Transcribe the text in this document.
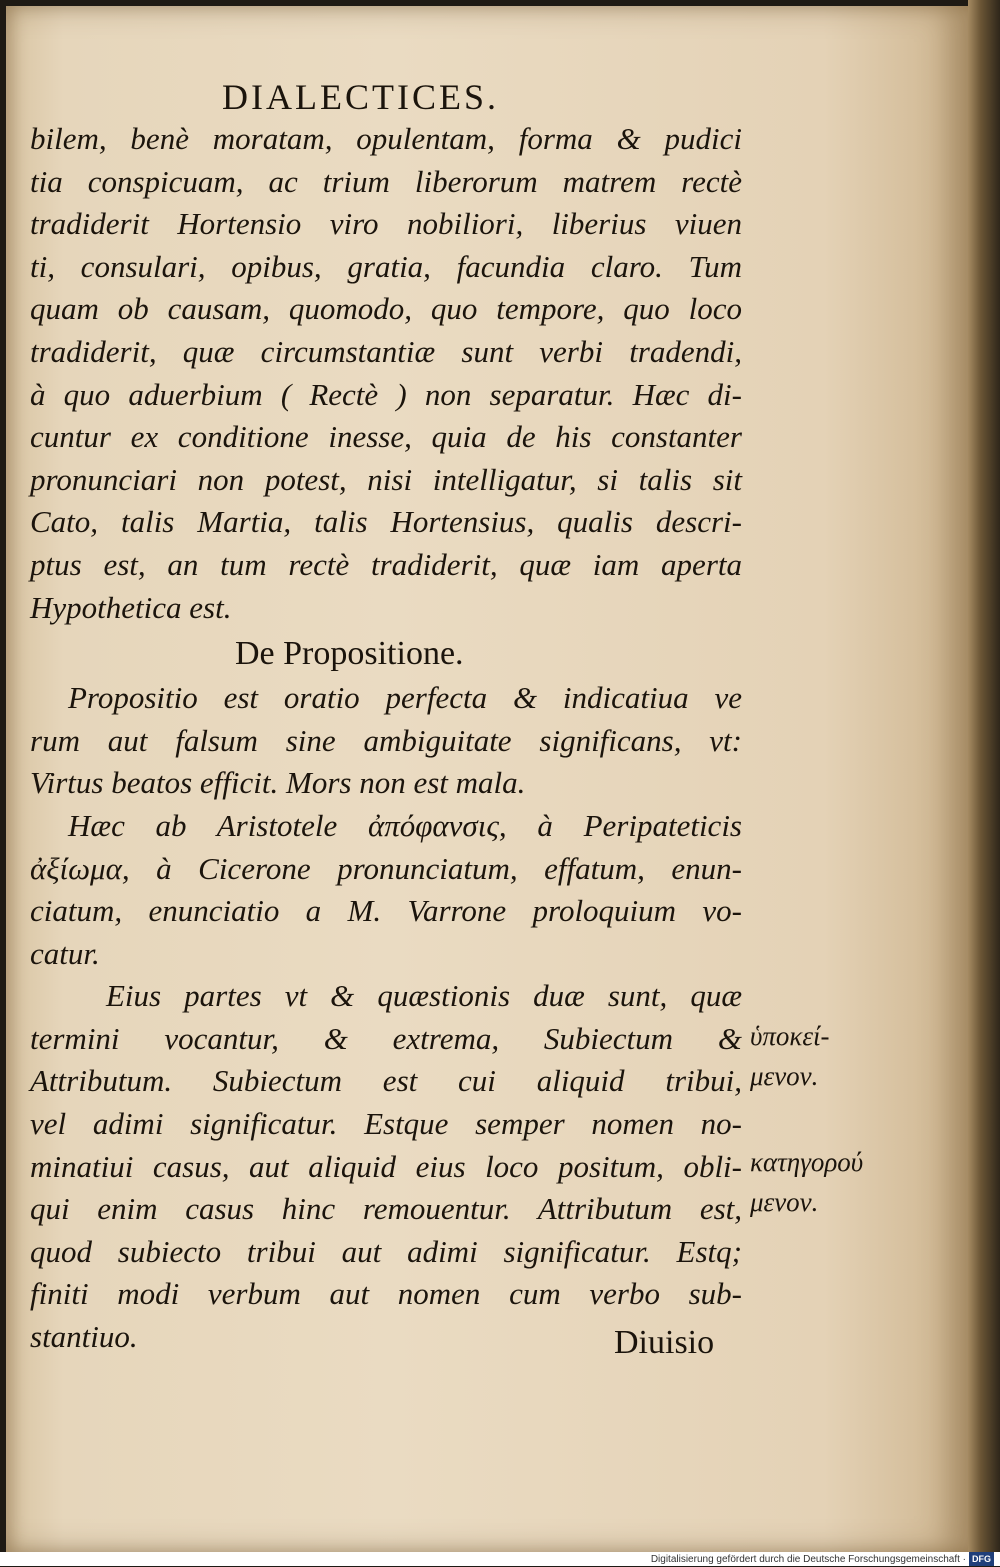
DIALECTICES.
bilem, benè moratam, opulentam, forma & pudici
tia conspicuam, ac trium liberorum matrem rectè
tradiderit Hortensio viro nobiliori, liberius viuen
ti, consulari, opibus, gratia, facundia claro. Tum
quam ob causam, quomodo, quo tempore, quo loco
tradiderit, quæ circumstantiæ sunt verbi tradendi,
à quo aduerbium ( Rectè ) non separatur. Hæc di-
cuntur ex conditione inesse, quia de his constanter
pronunciari non potest, nisi intelligatur, si talis sit
Cato, talis Martia, talis Hortensius, qualis descri-
ptus est, an tum rectè tradiderit, quæ iam aperta
Hypothetica est.
De Propositione.
Propositio est oratio perfecta & indicatiua ve
rum aut falsum sine ambiguitate significans, vt:
Virtus beatos efficit. Mors non est mala.
Hæc ab Aristotele ἀπόφανσις, à Peripateticis
ἀξίωμα, à Cicerone pronunciatum, effatum, enun-
ciatum, enunciatio a M. Varrone proloquium vo-
catur.
Eius partes vt & quæstionis duæ sunt, quæ
termini vocantur, & extrema, Subiectum &
Attributum. Subiectum est cui aliquid tribui,
vel adimi significatur. Estque semper nomen no-
minatiui casus, aut aliquid eius loco positum, obli-
qui enim casus hinc remouentur. Attributum est,
quod subiecto tribui aut adimi significatur. Estq;
finiti modi verbum aut nomen cum verbo sub-
stantiuo.
ὑποκεί-
μενον.
κατηγορού
μενον.
Diuisio
Digitalisierung gefördert durch die Deutsche Forschungsgemeinschaft · DFG
